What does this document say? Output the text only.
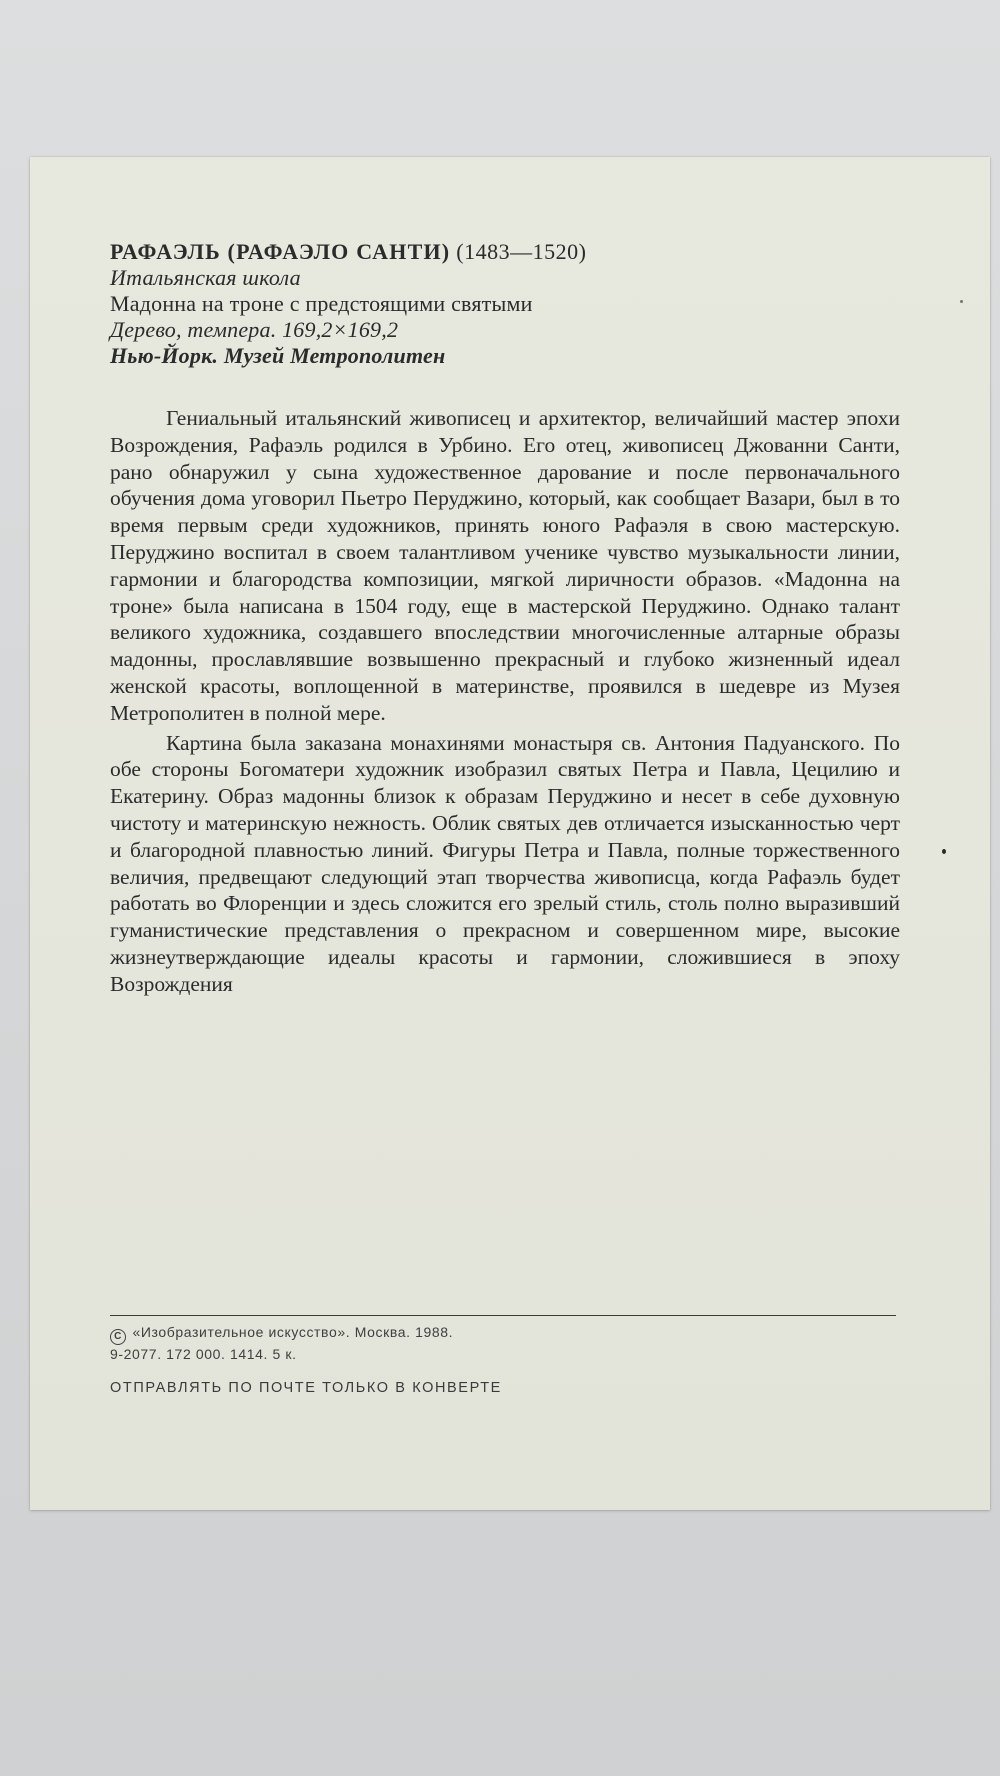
РАФАЭЛЬ (РАФАЭЛО САНТИ) (1483—1520)
Итальянская школа
Мадонна на троне с предстоящими святыми
Дерево, темпера. 169,2×169,2
Нью-Йорк. Музей Метрополитен

Гениальный итальянский живописец и архитектор, величайший мастер эпохи Возрождения, Рафаэль родился в Урбино. Его отец, живописец Джованни Санти, рано обнаружил у сына художественное дарование и после первоначального обучения дома уговорил Пьетро Перуджино, который, как сообщает Вазари, был в то время первым среди художников, принять юного Рафаэля в свою мастерскую. Перуджино воспитал в своем талантливом ученике чувство музыкальности линии, гармонии и благородства композиции, мягкой лиричности образов. «Мадонна на троне» была написана в 1504 году, еще в мастерской Перуджино. Однако талант великого художника, создавшего впоследствии многочисленные алтарные образы мадонны, прославлявшие возвышенно прекрасный и глубоко жизненный идеал женской красоты, воплощенной в материнстве, проявился в шедевре из Музея Метрополитен в полной мере.

Картина была заказана монахинями монастыря св. Антония Падуанского. По обе стороны Богоматери художник изобразил святых Петра и Павла, Цецилию и Екатерину. Образ мадонны близок к образам Перуджино и несет в себе духовную чистоту и материнскую нежность. Облик святых дев отличается изысканностью черт и благородной плавностью линий. Фигуры Петра и Павла, полные торжественного величия, предвещают следующий этап творчества живописца, когда Рафаэль будет работать во Флоренции и здесь сложится его зрелый стиль, столь полно выразивший гуманистические представления о прекрасном и совершенном мире, высокие жизнеутверждающие идеалы красоты и гармонии, сложившиеся в эпоху Возрождения

С «Изобразительное искусство». Москва. 1988.
9-2077. 172 000. 1414. 5 к.
ОТПРАВЛЯТЬ ПО ПОЧТЕ ТОЛЬКО В КОНВЕРТЕ
